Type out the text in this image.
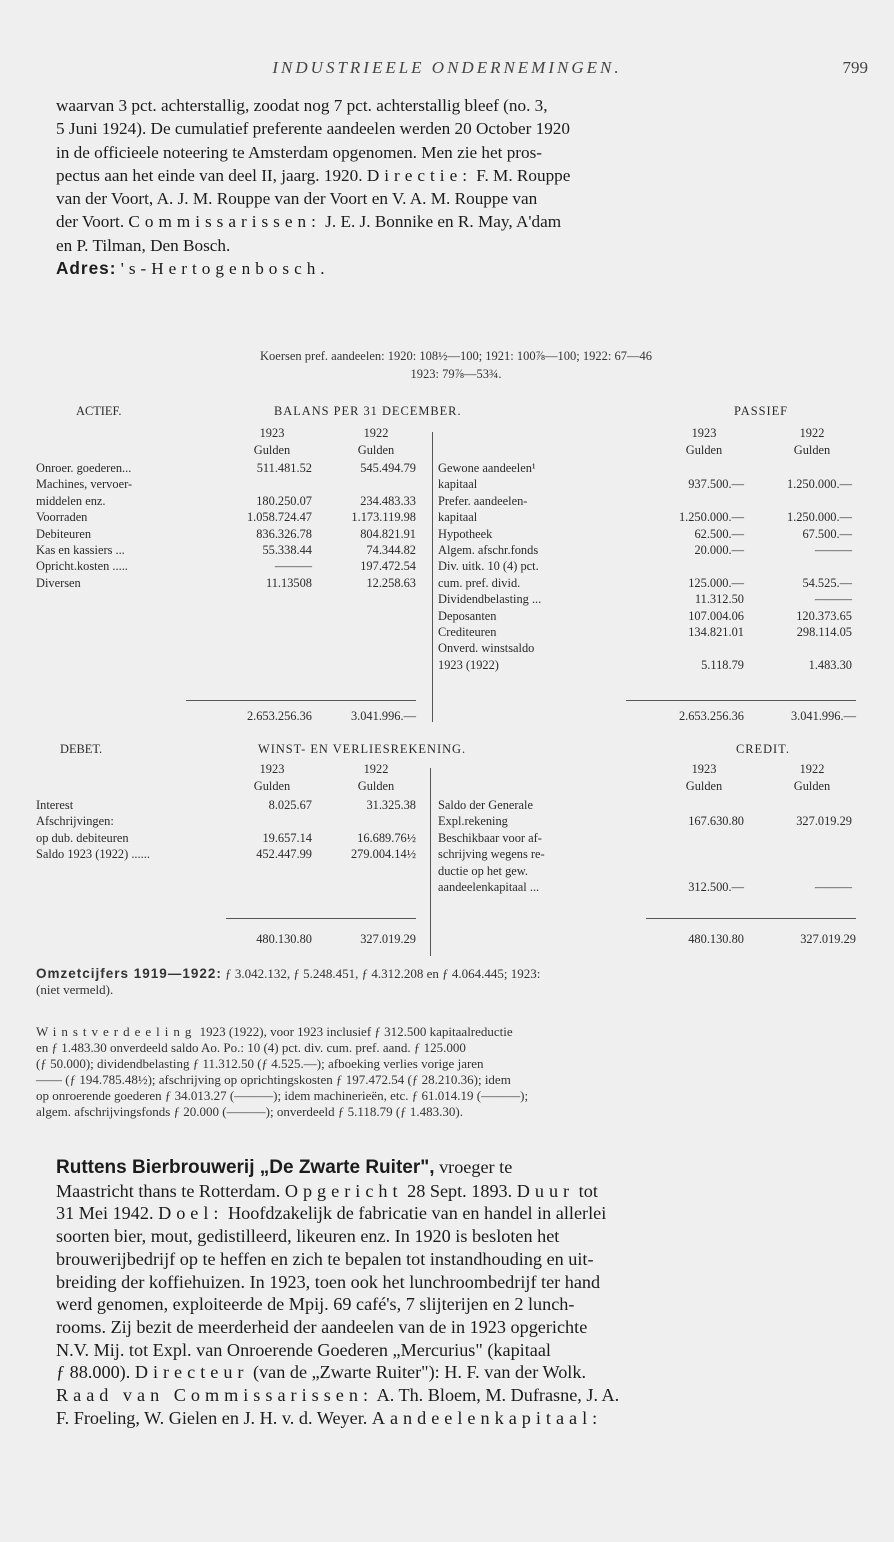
INDUSTRIEELE ONDERNEMINGEN.	799
waarvan 3 pct. achterstallig, zoodat nog 7 pct. achterstallig bleef (no. 3,
5 Juni 1924). De cumulatief preferente aandeelen werden 20 October 1920
in de officieele noteering te Amsterdam opgenomen. Men zie het pros-
pectus aan het einde van deel II, jaarg. 1920. Directie: F. M. Rouppe
van der Voort, A. J. M. Rouppe van der Voort en V. A. M. Rouppe van
der Voort. Commissarissen: J. E. J. Bonnike en R. May, A'dam
en P. Tilman, Den Bosch.
Adres: 's-Hertogenbosch.
Koersen pref. aandeelen: 1920: 108½—100; 1921: 100⅞—100; 1922: 67—46
1923: 79⅞—53¾.
ACTIEF.	BALANS PER 31 DECEMBER.	PASSIEF
1923	1922	1923	1922
Gulden	Gulden	Gulden	Gulden
Onroer. goederen...	511.481.52	545.494.79
Machines, vervoer-
middelen enz.	180.250.07	234.483.33
Voorraden	1.058.724.47	1.173.119.98
Debiteuren	836.326.78	804.821.91
Kas en kassiers ...	55.338.44	74.344.82
Opricht.kosten .....	———	197.472.54
Diversen	11.13508	12.258.63
Gewone aandeelen¹
kapitaal	937.500.—	1.250.000.—
Prefer. aandeelen-
kapitaal	1.250.000.—	1.250.000.—
Hypotheek	62.500.—	67.500.—
Algem. afschr.fonds	20.000.—	———
Div. uitk. 10 (4) pct.
cum. pref. divid.	125.000.—	54.525.—
Dividendbelasting ...	11.312.50	———
Deposanten	107.004.06	120.373.65
Crediteuren	134.821.01	298.114.05
Onverd. winstsaldo
1923 (1922)	5.118.79	1.483.30
2.653.256.36	3.041.996.—	2.653.256.36	3.041.996.—
DEBET.	WINST- EN VERLIESREKENING.	CREDIT.
1923	1922	1923	1922
Gulden	Gulden	Gulden	Gulden
Interest	8.025.67	31.325.38
Afschrijvingen:
op dub. debiteuren	19.657.14	16.689.76½
Saldo 1923 (1922) ......	452.447.99	279.004.14½
Saldo der Generale
Expl.rekening	167.630.80	327.019.29
Beschikbaar voor af-
schrijving wegens re-
ductie op het gew.
aandeelenkapitaal ...	312.500.—	———
480.130.80	327.019.29	480.130.80	327.019.29
Omzetcijfers 1919—1922: ƒ 3.042.132, ƒ 5.248.451, ƒ 4.312.208 en ƒ 4.064.445; 1923:
(niet vermeld).
Winstverdeeling 1923 (1922), voor 1923 inclusief ƒ 312.500 kapitaalreductie
en ƒ 1.483.30 onverdeeld saldo Ao. Po.: 10 (4) pct. div. cum. pref. aand. ƒ 125.000
(ƒ 50.000); dividendbelasting ƒ 11.312.50 (ƒ 4.525.—); afboeking verlies vorige jaren
—— (ƒ 194.785.48½); afschrijving op oprichtingskosten ƒ 197.472.54 (ƒ 28.210.36); idem
op onroerende goederen ƒ 34.013.27 (———); idem machinerieën, etc. ƒ 61.014.19 (———);
algem. afschrijvingsfonds ƒ 20.000 (———); onverdeeld ƒ 5.118.79 (ƒ 1.483.30).
Ruttens Bierbrouwerij „De Zwarte Ruiter", vroeger te
Maastricht thans te Rotterdam. Opgericht 28 Sept. 1893. Duur tot
31 Mei 1942. Doel: Hoofdzakelijk de fabricatie van en handel in allerlei
soorten bier, mout, gedistilleerd, likeuren enz. In 1920 is besloten het
brouwerijbedrijf op te heffen en zich te bepalen tot instandhouding en uit-
breiding der koffiehuizen. In 1923, toen ook het lunchroombedrijf ter hand
werd genomen, exploiteerde de Mpij. 69 café's, 7 slijterijen en 2 lunch-
rooms. Zij bezit de meerderheid der aandeelen van de in 1923 opgerichte
N.V. Mij. tot Expl. van Onroerende Goederen „Mercurius" (kapitaal
ƒ 88.000). Directeur (van de „Zwarte Ruiter"): H. F. van der Wolk.
Raad van Commissarissen: A. Th. Bloem, M. Dufrasne, J. A.
F. Froeling, W. Gielen en J. H. v. d. Weyer. Aandeelenkapitaal:
